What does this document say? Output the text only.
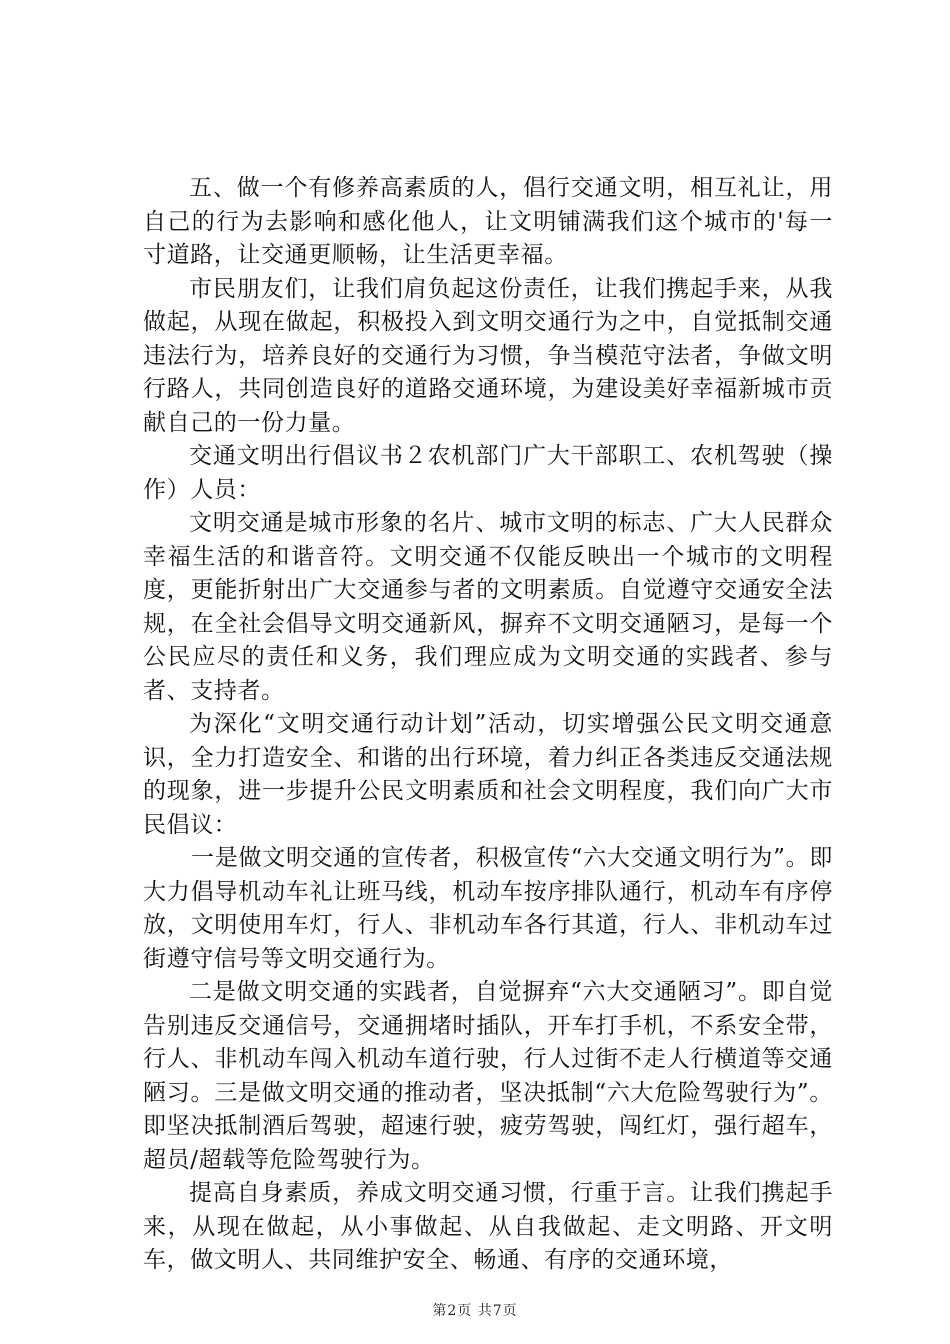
五、做一个有修养高素质的人，倡行交通文明，相互礼让，用自己的行为去影响和感化他人，让文明铺满我们这个城市的'每一寸道路，让交通更顺畅，让生活更幸福。

市民朋友们，让我们肩负起这份责任，让我们携起手来，从我做起，从现在做起，积极投入到文明交通行为之中，自觉抵制交通违法行为，培养良好的交通行为习惯，争当模范守法者，争做文明行路人，共同创造良好的道路交通环境，为建设美好幸福新城市贡献自己的一份力量。

交通文明出行倡议书２农机部门广大干部职工、农机驾驶（操作）人员：

文明交通是城市形象的名片、城市文明的标志、广大人民群众幸福生活的和谐音符。文明交通不仅能反映出一个城市的文明程度，更能折射出广大交通参与者的文明素质。自觉遵守交通安全法规，在全社会倡导文明交通新风，摒弃不文明交通陋习，是每一个公民应尽的责任和义务，我们理应成为文明交通的实践者、参与者、支持者。

为深化“文明交通行动计划”活动，切实增强公民文明交通意识，全力打造安全、和谐的出行环境，着力纠正各类违反交通法规的现象，进一步提升公民文明素质和社会文明程度，我们向广大市民倡议：

一是做文明交通的宣传者，积极宣传“六大交通文明行为”。即大力倡导机动车礼让班马线，机动车按序排队通行，机动车有序停放，文明使用车灯，行人、非机动车各行其道，行人、非机动车过街遵守信号等文明交通行为。

二是做文明交通的实践者，自觉摒弃“六大交通陋习”。即自觉告别违反交通信号，交通拥堵时插队，开车打手机，不系安全带，行人、非机动车闯入机动车道行驶，行人过街不走人行横道等交通陋习。三是做文明交通的推动者，坚决抵制“六大危险驾驶行为”。即坚决抵制酒后驾驶，超速行驶，疲劳驾驶，闯红灯，强行超车，超员/超载等危险驾驶行为。

提高自身素质，养成文明交通习惯，行重于言。让我们携起手来，从现在做起，从小事做起、从自我做起、走文明路、开文明车，做文明人、共同维护安全、畅通、有序的交通环境，

第2页 共7页
